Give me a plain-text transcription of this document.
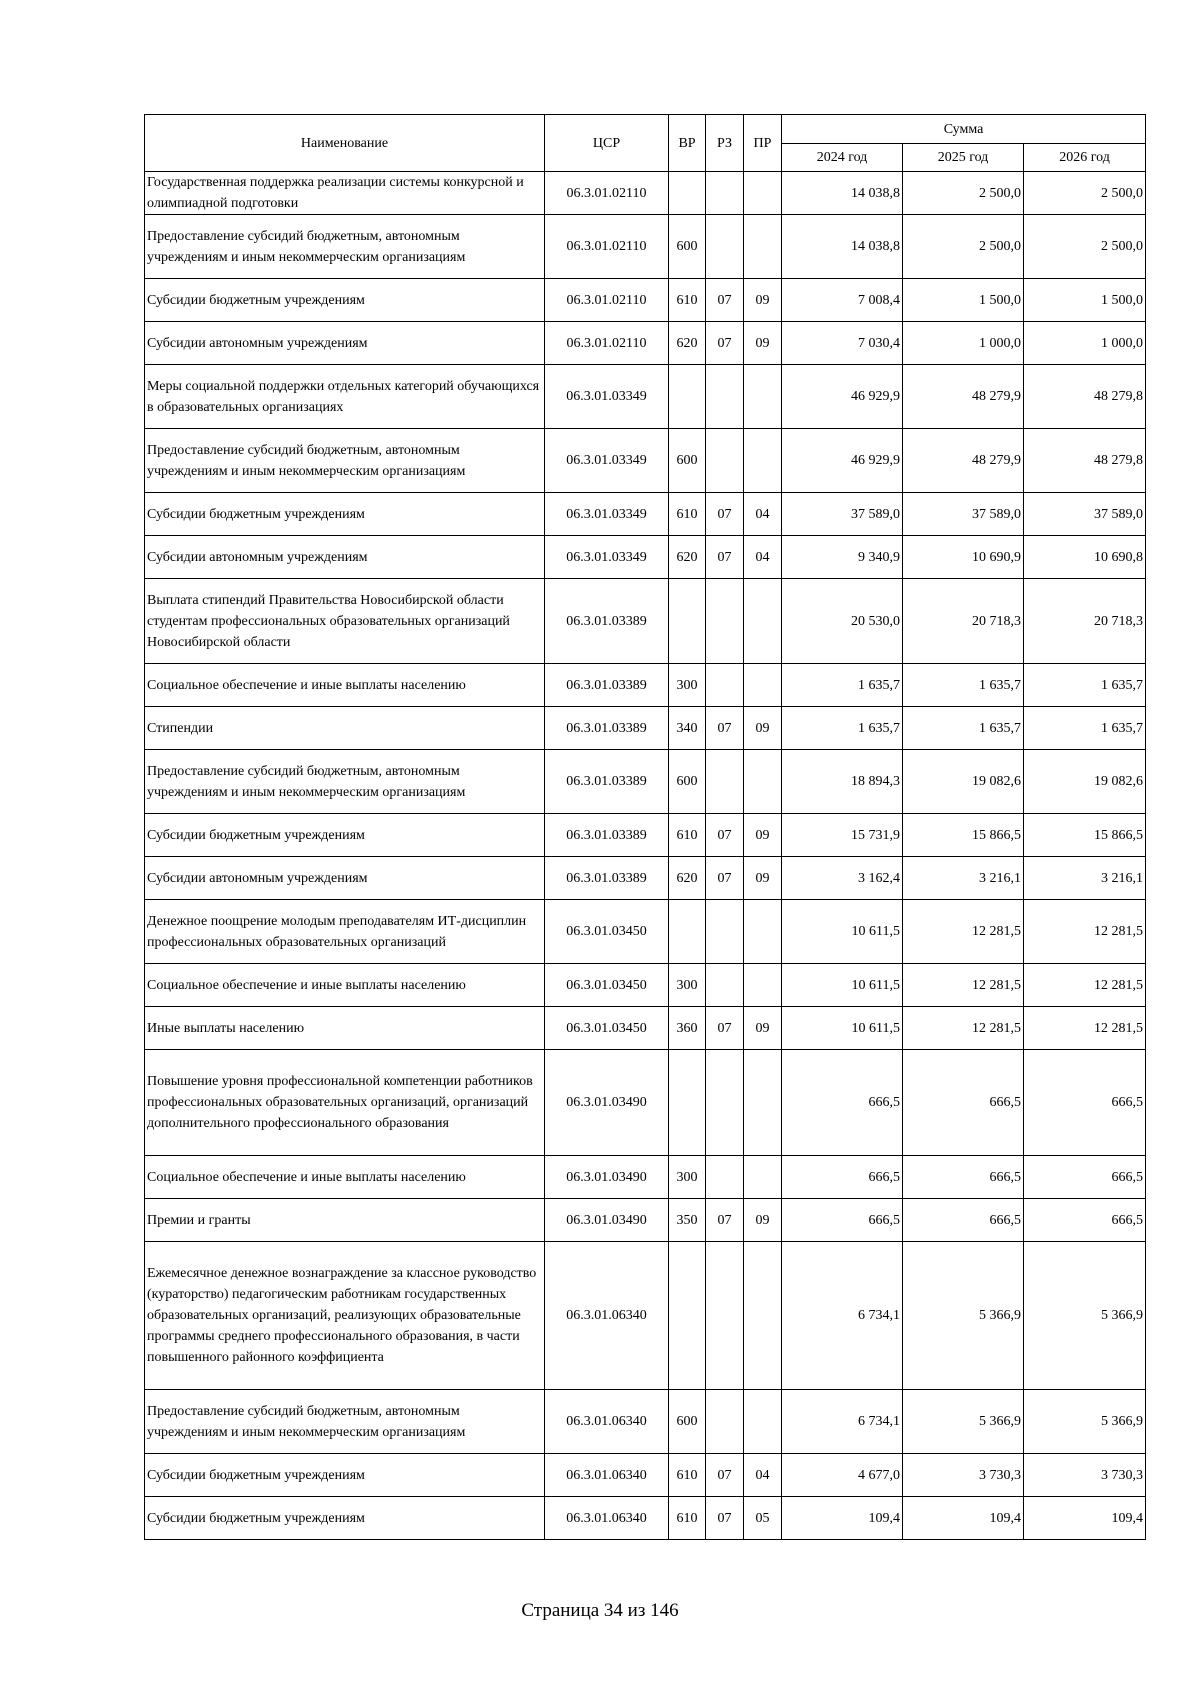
Наименование	ЦСР	ВР	РЗ	ПР	Сумма		
					2024 год	2025 год	2026 год
Государственная поддержка реализации системы конкурсной и олимпиадной подготовки	06.3.01.02110				14 038,8	2 500,0	2 500,0
Предоставление субсидий бюджетным, автономным учреждениям и иным некоммерческим организациям	06.3.01.02110	600			14 038,8	2 500,0	2 500,0
Субсидии бюджетным учреждениям	06.3.01.02110	610	07	09	7 008,4	1 500,0	1 500,0
Субсидии автономным учреждениям	06.3.01.02110	620	07	09	7 030,4	1 000,0	1 000,0
Меры социальной поддержки отдельных категорий обучающихся в образовательных организациях	06.3.01.03349				46 929,9	48 279,9	48 279,8
Предоставление субсидий бюджетным, автономным учреждениям и иным некоммерческим организациям	06.3.01.03349	600			46 929,9	48 279,9	48 279,8
Субсидии бюджетным учреждениям	06.3.01.03349	610	07	04	37 589,0	37 589,0	37 589,0
Субсидии автономным учреждениям	06.3.01.03349	620	07	04	9 340,9	10 690,9	10 690,8
Выплата стипендий Правительства Новосибирской области студентам профессиональных образовательных организаций Новосибирской области	06.3.01.03389				20 530,0	20 718,3	20 718,3
Социальное обеспечение и иные выплаты населению	06.3.01.03389	300			1 635,7	1 635,7	1 635,7
Стипендии	06.3.01.03389	340	07	09	1 635,7	1 635,7	1 635,7
Предоставление субсидий бюджетным, автономным учреждениям и иным некоммерческим организациям	06.3.01.03389	600			18 894,3	19 082,6	19 082,6
Субсидии бюджетным учреждениям	06.3.01.03389	610	07	09	15 731,9	15 866,5	15 866,5
Субсидии автономным учреждениям	06.3.01.03389	620	07	09	3 162,4	3 216,1	3 216,1
Денежное поощрение молодым преподавателям ИТ-дисциплин профессиональных образовательных организаций	06.3.01.03450				10 611,5	12 281,5	12 281,5
Социальное обеспечение и иные выплаты населению	06.3.01.03450	300			10 611,5	12 281,5	12 281,5
Иные выплаты населению	06.3.01.03450	360	07	09	10 611,5	12 281,5	12 281,5
Повышение уровня профессиональной компетенции работников профессиональных образовательных организаций, организаций дополнительного профессионального образования	06.3.01.03490				666,5	666,5	666,5
Социальное обеспечение и иные выплаты населению	06.3.01.03490	300			666,5	666,5	666,5
Премии и гранты	06.3.01.03490	350	07	09	666,5	666,5	666,5
Ежемесячное денежное вознаграждение за классное руководство (кураторство) педагогическим работникам государственных образовательных организаций, реализующих образовательные программы среднего профессионального образования, в части повышенного районного коэффициента	06.3.01.06340				6 734,1	5 366,9	5 366,9
Предоставление субсидий бюджетным, автономным учреждениям и иным некоммерческим организациям	06.3.01.06340	600			6 734,1	5 366,9	5 366,9
Субсидии бюджетным учреждениям	06.3.01.06340	610	07	04	4 677,0	3 730,3	3 730,3
Субсидии бюджетным учреждениям	06.3.01.06340	610	07	05	109,4	109,4	109,4
Страница 34 из 146
